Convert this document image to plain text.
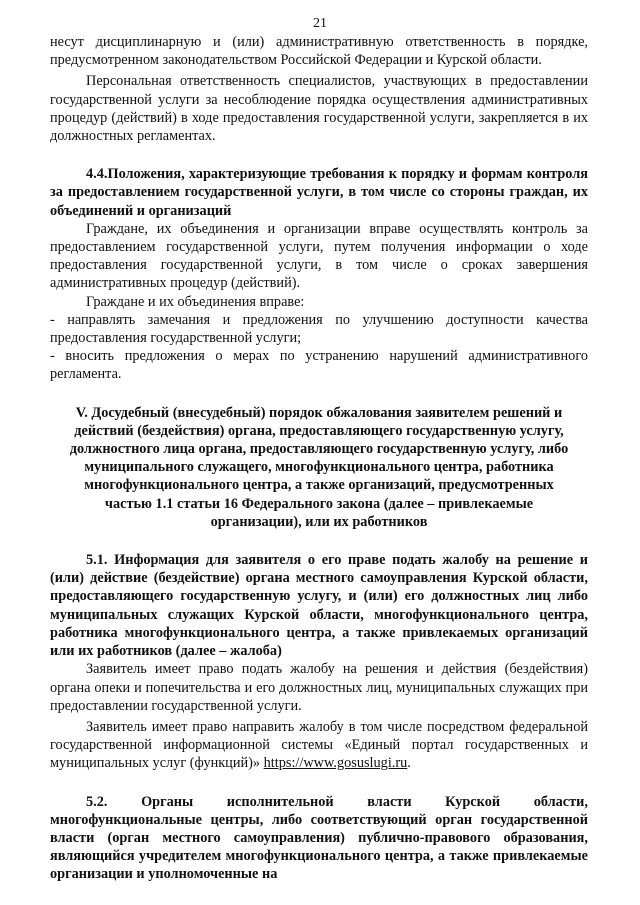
21

несут дисциплинарную и (или) административную ответственность в порядке, предусмотренном законодательством Российской Федерации и Курской области.

Персональная ответственность специалистов, участвующих в предоставлении государственной услуги за несоблюдение порядка осуществления административных процедур (действий) в ходе предоставления государственной услуги, закрепляется в их должностных регламентах.

4.4.Положения, характеризующие требования к порядку и формам контроля за предоставлением государственной услуги, в том числе со стороны граждан, их объединений и организаций

Граждане, их объединения и организации вправе осуществлять контроль за предоставлением государственной услуги, путем получения информации о ходе предоставления государственной услуги, в том числе о сроках завершения административных процедур (действий).

Граждане и их объединения вправе:

- направлять замечания и предложения по улучшению доступности качества предоставления государственной услуги;

- вносить предложения о мерах по устранению нарушений административного регламента.

V. Досудебный (внесудебный) порядок обжалования заявителем решений и действий (бездействия) органа, предоставляющего государственную услугу, должностного лица органа, предоставляющего государственную услугу, либо муниципального служащего, многофункционального центра, работника многофункционального центра, а также организаций, предусмотренных частью 1.1 статьи 16 Федерального закона (далее – привлекаемые организации), или их работников

5.1. Информация для заявителя о его праве подать жалобу на решение и (или) действие (бездействие) органа местного самоуправления Курской области, предоставляющего государственную услугу, и (или) его должностных лиц либо муниципальных служащих Курской области, многофункционального центра, работника многофункционального центра, а также привлекаемых организаций или их работников (далее – жалоба)

Заявитель имеет право подать жалобу на решения и действия (бездействия) органа опеки и попечительства и его должностных лиц, муниципальных служащих при предоставлении государственной услуги.

Заявитель имеет право направить жалобу в том числе посредством федеральной государственной информационной системы «Единый портал государственных и муниципальных услуг (функций)» https://www.gosuslugi.ru.

5.2. Органы исполнительной власти Курской области, многофункциональные центры, либо соответствующий орган государственной власти (орган местного самоуправления) публично-правового образования, являющийся учредителем многофункционального центра, а также привлекаемые организации и уполномоченные на
